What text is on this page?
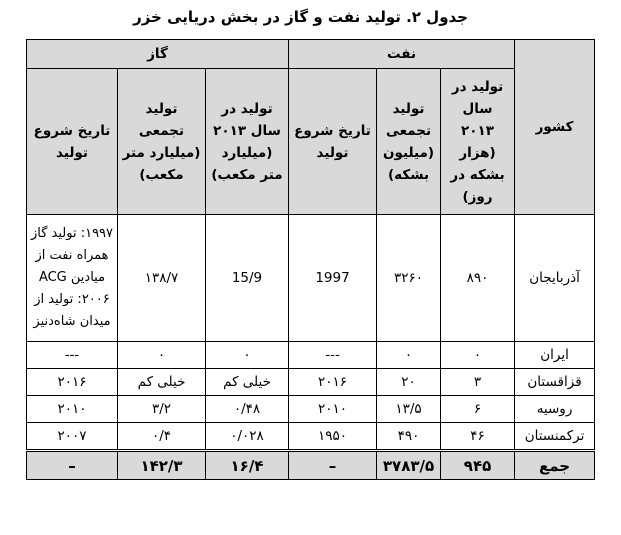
جدول ۲. تولید نفت و گاز در بخش دریایی خزر
کشور	نفت			گاز		
	تولید در سال ۲۰۱۳ (هزار بشکه در روز)	تولید تجمعی (میلیون بشکه)	تاریخ شروع تولید	تولید در سال ۲۰۱۳ (میلیارد متر مکعب)	تولید تجمعی (میلیارد متر مکعب)	تاریخ شروع تولید
آذربایجان	۸۹۰	۳۲۶۰	1997	15/9	۱۳۸/۷	۱۹۹۷: تولید گاز همراه نفت از میادین ACG ۲۰۰۶: تولید از میدان شاه‌دنیز
ایران	۰	۰	---	۰	۰	---
قزاقستان	۳	۲۰	۲۰۱۶	خیلی کم	خیلی کم	۲۰۱۶
روسیه	۶	۱۳/۵	۲۰۱۰	۰/۴۸	۳/۲	۲۰۱۰
ترکمنستان	۴۶	۴۹۰	۱۹۵۰	۰/۰۲۸	۰/۴	۲۰۰۷
جمع	۹۴۵	۳۷۸۳/۵	–	۱۶/۴	۱۴۲/۳	–
